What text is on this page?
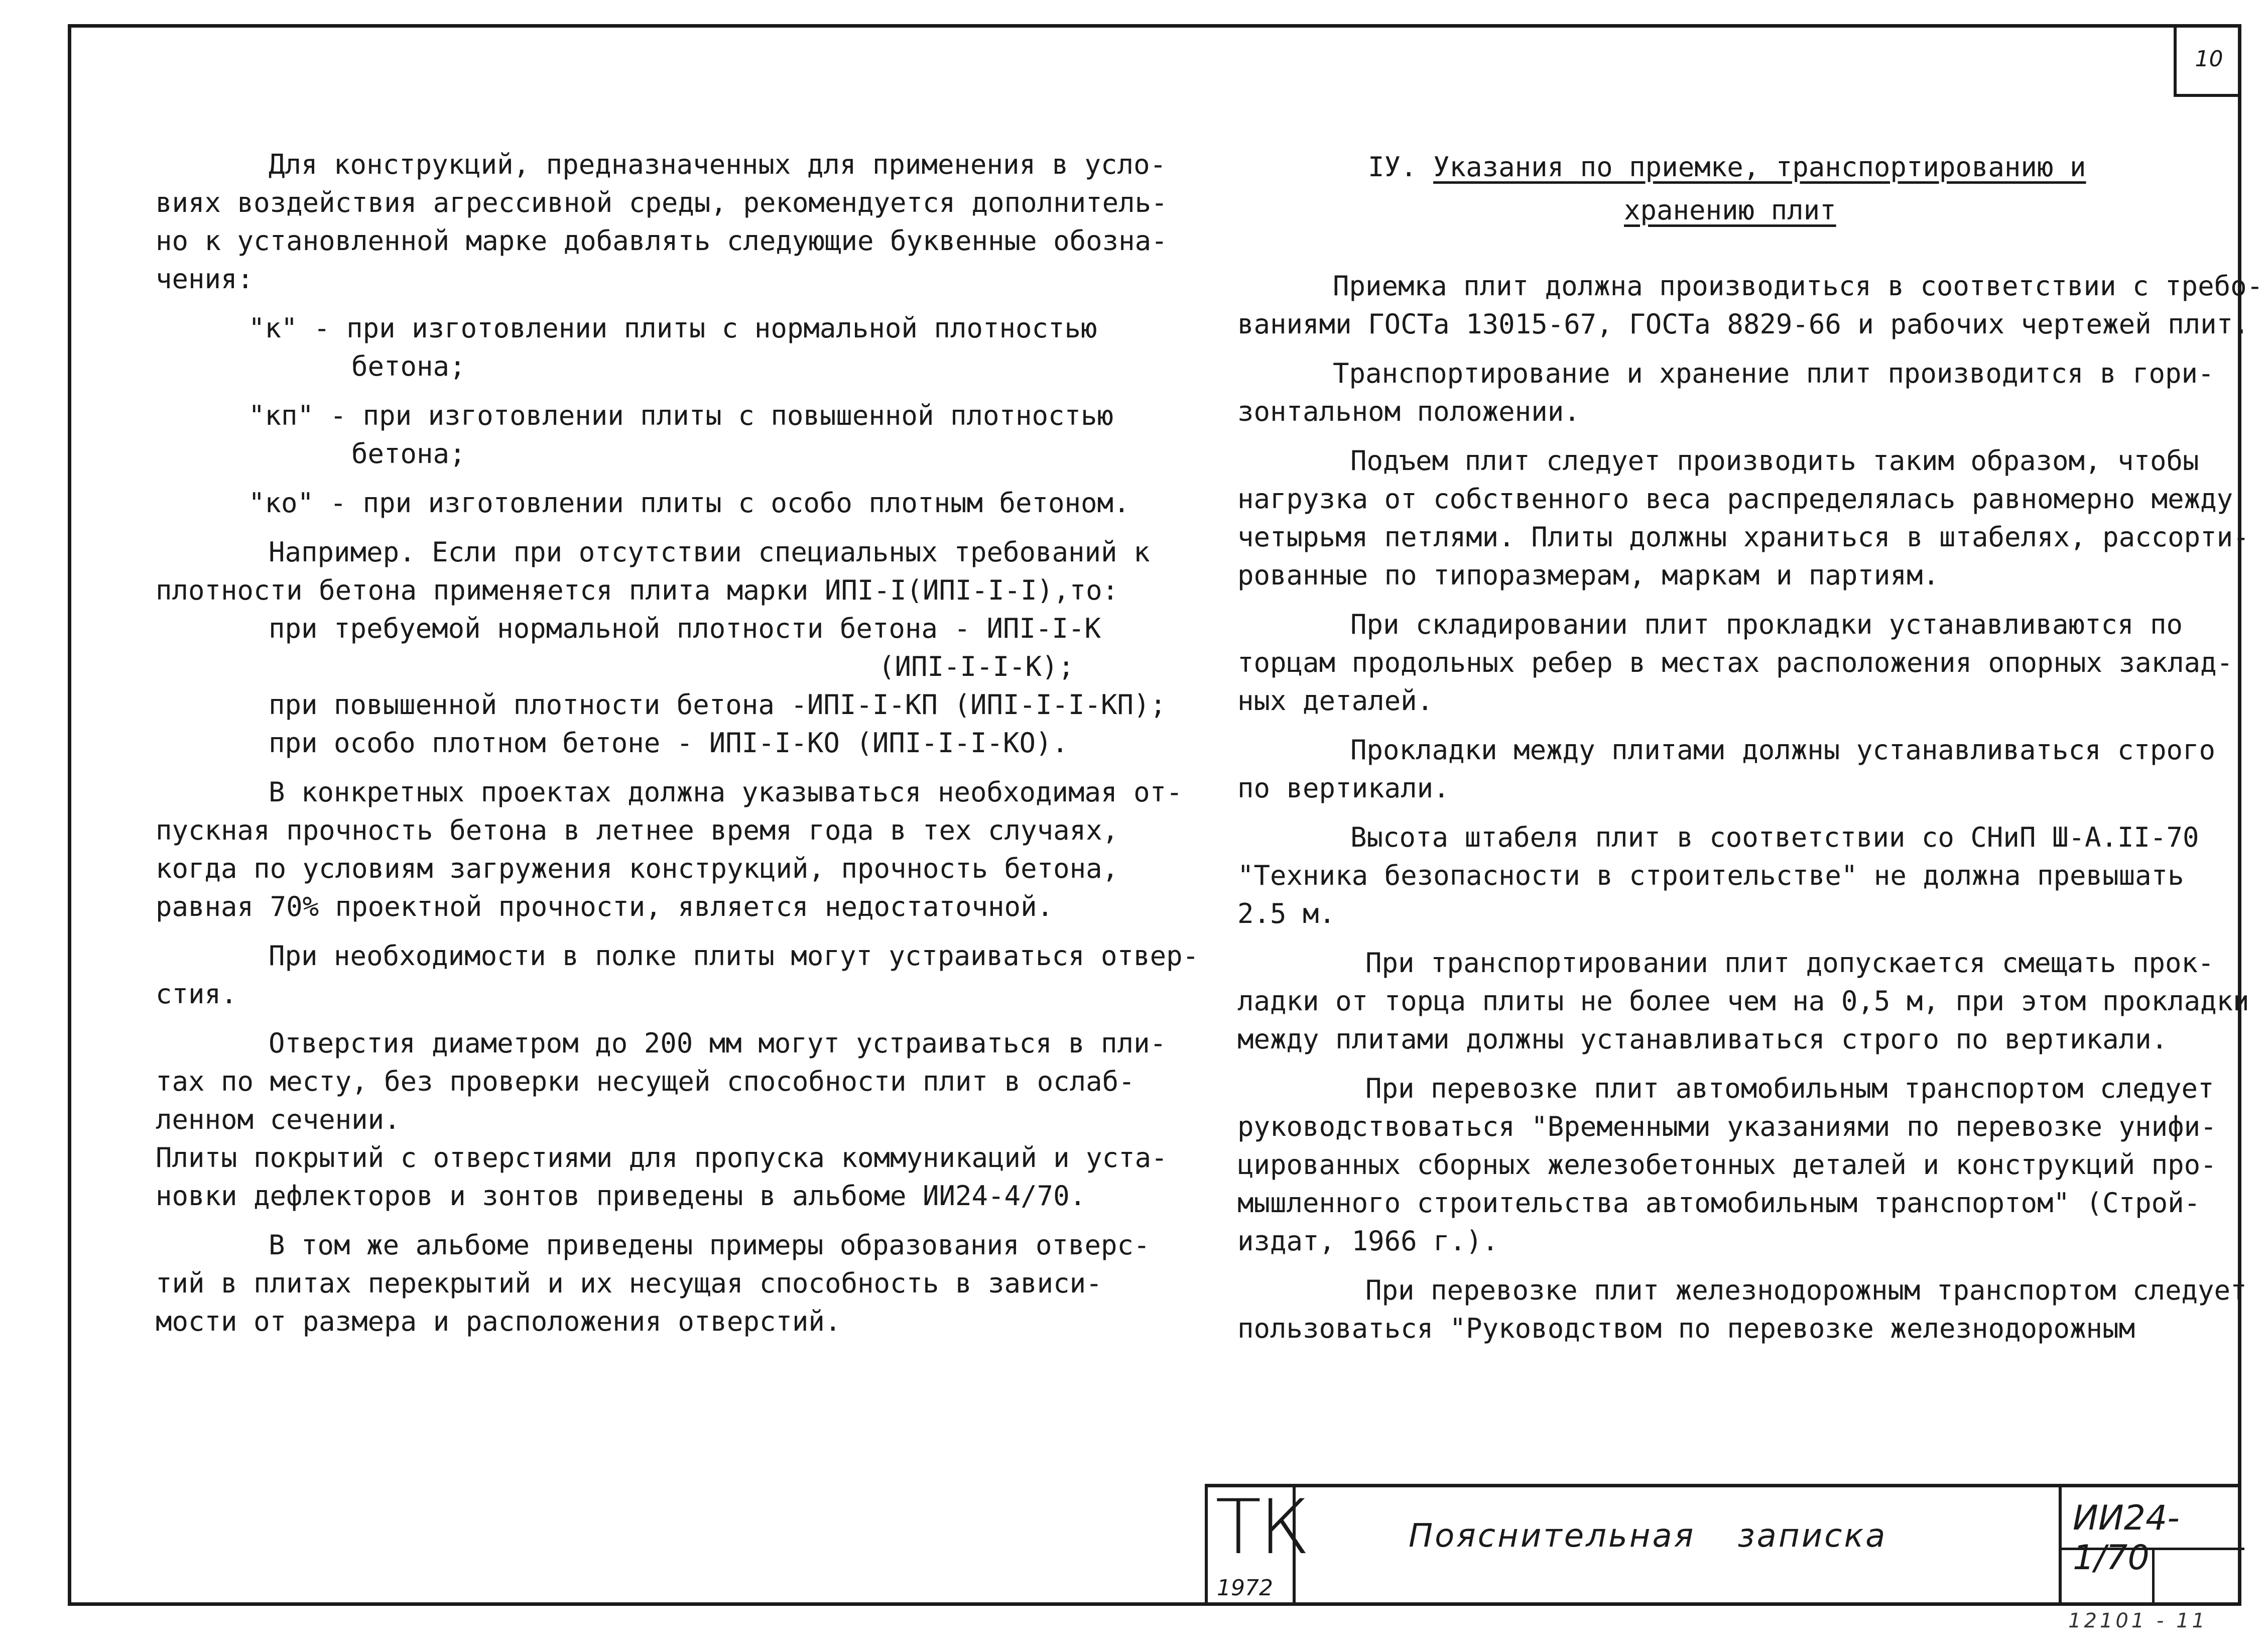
10

Для конструкций, предназначенных для применения в усло-

виях воздействия агрессивной среды, рекомендуется дополнитель-

но к установленной марке добавлять следующие буквенные обозна-

чения:

"к" - при изготовлении плиты с нормальной плотностью

бетона;

"кп" - при изготовлении плиты с повышенной плотностью

бетона;

"ко" - при изготовлении плиты с особо плотным бетоном.

Например. Если при отсутствии специальных требований к

плотности бетона применяется плита марки ИПI-I(ИПI-I-I),то:

при требуемой нормальной плотности бетона - ИПI-I-К

(ИПI-I-I-К);

при повышенной плотности бетона -ИПI-I-КП (ИПI-I-I-КП);

при особо плотном бетоне - ИПI-I-КО (ИПI-I-I-КО).

В конкретных проектах должна указываться необходимая от-

пускная прочность бетона в летнее время года в тех случаях,

когда по условиям загружения конструкций, прочность бетона,

равная 70% проектной прочности, является недостаточной.

При необходимости в полке плиты могут устраиваться отвер-

стия.

Отверстия диаметром до 200 мм могут устраиваться в пли-

тах по месту, без проверки несущей способности плит в ослаб-

ленном сечении.

Плиты покрытий с отверстиями для пропуска коммуникаций и уста-

новки дефлекторов и зонтов приведены в альбоме ИИ24-4/70.

В том же альбоме приведены примеры образования отверс-

тий в плитах перекрытий и их несущая способность в зависи-

мости от размера и расположения отверстий.

IУ. Указания по приемке, транспортированию и

хранению плит

Приемка плит должна производиться в соответствии с требо-

ваниями ГОСТа 13015-67, ГОСТа 8829-66 и рабочих чертежей плит.

Транспортирование и хранение плит производится в гори-

зонтальном положении.

Подъем плит следует производить таким образом, чтобы

нагрузка от собственного веса распределялась равномерно между

четырьмя петлями. Плиты должны храниться в штабелях, рассорти-

рованные по типоразмерам, маркам и партиям.

При складировании плит прокладки устанавливаются по

торцам продольных ребер в местах расположения опорных заклад-

ных деталей.

Прокладки между плитами должны устанавливаться строго

по вертикали.

Высота штабеля плит в соответствии со СНиП Ш-А.II-70

"Техника безопасности в строительстве" не должна превышать

2.5 м.

При транспортировании плит допускается смещать прок-

ладки от торца плиты не более чем на 0,5 м, при этом прокладки

между плитами должны устанавливаться строго по вертикали.

При перевозке плит автомобильным транспортом следует

руководствоваться "Временными указаниями по перевозке унифи-

цированных сборных железобетонных деталей и конструкций про-

мышленного строительства автомобильным транспортом" (Строй-

издат, 1966 г.).

При перевозке плит железнодорожным транспортом следует

пользоваться "Руководством по перевозке железнодорожным

ТК
1972
Пояснительная записка	ИИ24-1/70
12101 - 11
